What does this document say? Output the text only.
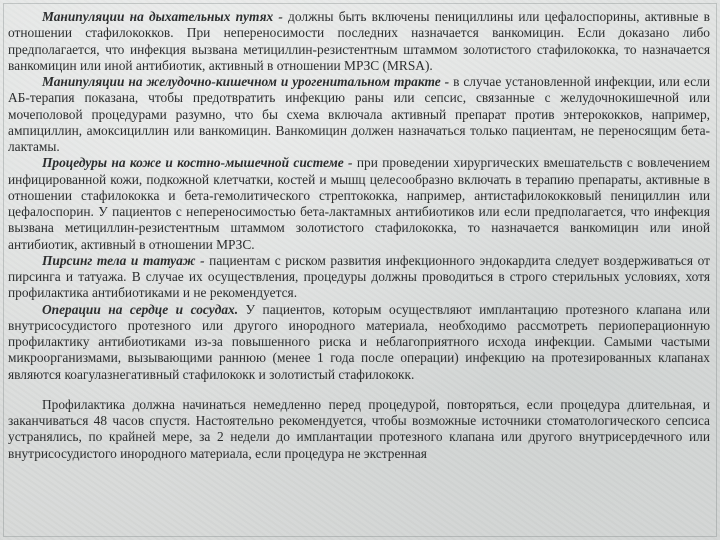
Манипуляции на дыхательных путях - должны быть включены пенициллины или цефалоспорины, активные в отношении стафилококков. При непереносимости последних назначается ванкомицин. Если доказано либо предполагается, что инфекция вызвана метициллин-резистентным штаммом золотистого стафилококка, то назначается ванкомицин или иной антибиотик, активный в отношении МРЗС (MRSA).

Манипуляции на желудочно-кишечном и урогенитальном тракте - в случае установленной инфекции, или если АБ-терапия показана, чтобы предотвратить инфекцию раны или сепсис, связанные с желудочнокишечной или мочеполовой процедурами разумно, что бы схема включала активный препарат против энтерококков, например, ампициллин, амоксициллин или ванкомицин. Ванкомицин должен назначаться только пациентам, не переносящим бета-лактамы.

Процедуры на коже и костно-мышечной системе - при проведении хирургических вмешательств с вовлечением инфицированной кожи, подкожной клетчатки, костей и мышц целесообразно включать в терапию препараты, активные в отношении стафилококка и бета-гемолитического стрептококка, например, антистафилококковый пенициллин или цефалоспорин. У пациентов с непереносимостью бета-лактамных антибиотиков или если предполагается, что инфекция вызвана метициллин-резистентным штаммом золотистого стафилококка, то назначается ванкомицин или иной антибиотик, активный в отношении МРЗС.

Пирсинг тела и татуаж - пациентам с риском развития инфекционного эндокардита следует воздерживаться от пирсинга и татуажа. В случае их осуществления, процедуры должны проводиться в строго стерильных условиях, хотя профилактика антибиотиками и не рекомендуется.

Операции на сердце и сосудах. У пациентов, которым осуществляют имплантацию протезного клапана или внутрисосудистого протезного или другого инородного материала, необходимо рассмотреть периоперационную профилактику антибиотиками из-за повышенного риска и неблагоприятного исхода инфекции. Самыми частыми микроорганизмами, вызывающими раннюю (менее 1 года после операции) инфекцию на протезированных клапанах являются коагулазнегативный стафилококк и золотистый стафилококк.

Профилактика должна начинаться немедленно перед процедурой, повторяться, если процедура длительная, и заканчиваться 48 часов спустя. Настоятельно рекомендуется, чтобы возможные источники стоматологического сепсиса устранялись, по крайней мере, за 2 недели до имплантации протезного клапана или другого внутрисердечного или внутрисосудистого инородного материала, если процедура не экстренная
